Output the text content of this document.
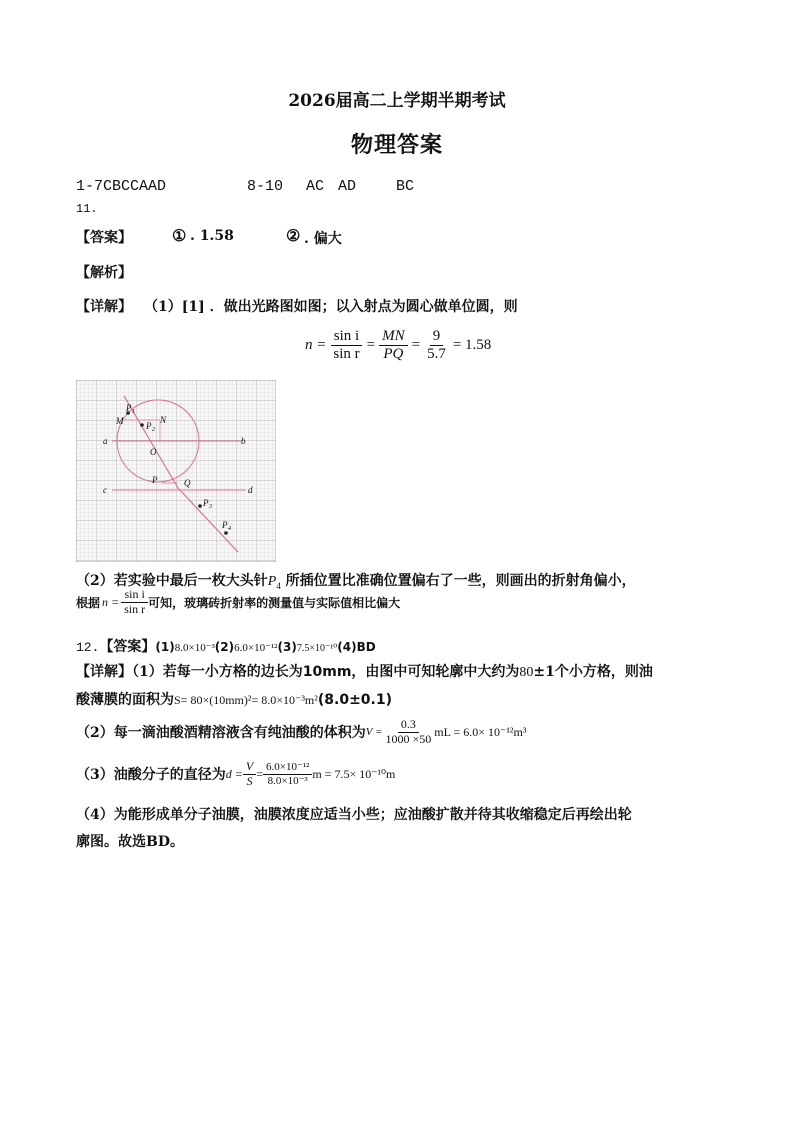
2026届高二上学期半期考试
物理答案
1-7CBCCAAD	8-10 AC AD	BC
11.
【答案】	① . 1.58	② . 偏大
【解析】
【详解】 （1）[1] ．做出光路图如图；以入射点为圆心做单位圆，则
$n = \frac{\text{sin i}}{\text{sin r}} = \frac{MN}{PQ} = \frac{9}{5.7} = 1.58$
P 1
M	P 2
N
a	b
O
P	Q
c	d
P 3
P 4
（2）若实验中最后一枚大头针$P_4$ 所插位置比准确位置偏右了一些，则画出的折射角偏小，
根据 $n = \frac{\text{sin i}}{\text{sin r}}$ 可知，玻璃砖折射率的测量值与实际值相比偏大
12. 【答案】 (1) 8.0×10⁻³ (2) 6.0×10⁻¹² (3) 7.5×10⁻¹⁰ (4) BD
【详解】（1）若每一小方格的边长为10mm，由图中可知轮廓中大约为80±1个小方格，则油
酸薄膜的面积为S= 80×(10mm)²= 8.0×10⁻³m²(8.0±0.1)
（2）每一滴油酸酒精溶液含有纯油酸的体积为 $V = \frac{0.3}{1000 \times 50}$ mL = 6.0× 10⁻¹²m³
（3）油酸分子的直径为 $d = \frac{V}{S} = \frac{\text{6.0×10⁻¹²}}{\text{8.0×10⁻³}}$ m = 7.5× 10⁻¹⁰m
（4）为能形成单分子油膜，油膜浓度应适当小些；应油酸扩散并待其收缩稳定后再绘出轮
廓图。故选BD。
